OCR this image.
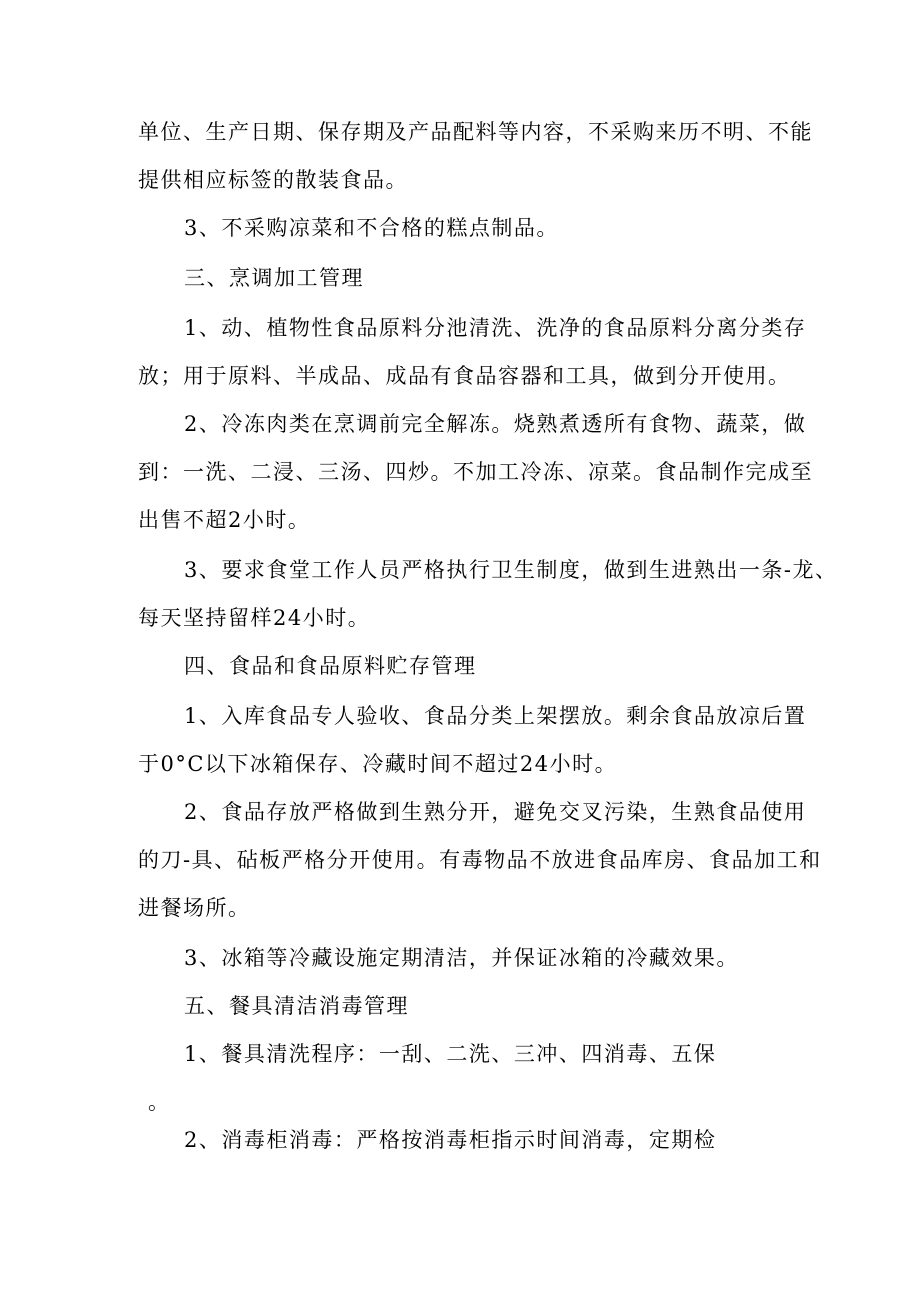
单位、生产日期、保存期及产品配料等内容，不采购来历不明、不能
提供相应标签的散装食品。
3、不采购凉菜和不合格的糕点制品。
三、烹调加工管理
1、动、植物性食品原料分池清洗、洗净的食品原料分离分类存
放；用于原料、半成品、成品有食品容器和工具，做到分开使用。
2、冷冻肉类在烹调前完全解冻。烧熟煮透所有食物、蔬菜，做
到：一洗、二浸、三汤、四炒。不加工冷冻、凉菜。食品制作完成至
出售不超2小时。
3、要求食堂工作人员严格执行卫生制度，做到生进熟出一条-龙、
每天坚持留样24小时。
四、食品和食品原料贮存管理
1、入库食品专人验收、食品分类上架摆放。剩余食品放凉后置
于0°C以下冰箱保存、冷藏时间不超过24小时。
2、食品存放严格做到生熟分开，避免交叉污染，生熟食品使用
的刀-具、砧板严格分开使用。有毒物品不放进食品库房、食品加工和
进餐场所。
3、冰箱等冷藏设施定期清洁，并保证冰箱的冷藏效果。
五、餐具清洁消毒管理
1、餐具清洗程序：一刮、二洗、三冲、四消毒、五保
。
2、消毒柜消毒：严格按消毒柜指示时间消毒，定期检
